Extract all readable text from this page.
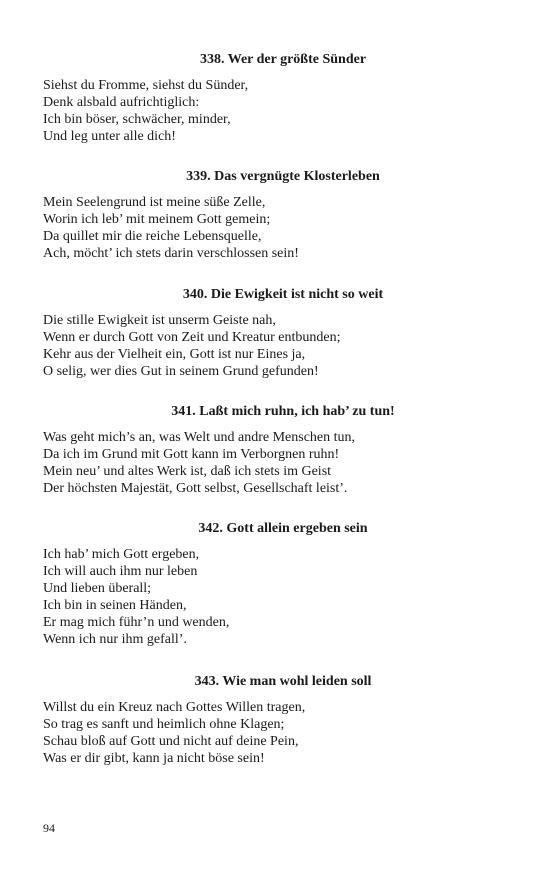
338. Wer der größte Sünder
Siehst du Fromme, siehst du Sünder,
Denk alsbald aufrichtiglich:
Ich bin böser, schwächer, minder,
Und leg unter alle dich!
339. Das vergnügte Klosterleben
Mein Seelengrund ist meine süße Zelle,
Worin ich leb’ mit meinem Gott gemein;
Da quillet mir die reiche Lebensquelle,
Ach, möcht’ ich stets darin verschlossen sein!
340. Die Ewigkeit ist nicht so weit
Die stille Ewigkeit ist unserm Geiste nah,
Wenn er durch Gott von Zeit und Kreatur entbunden;
Kehr aus der Vielheit ein, Gott ist nur Eines ja,
O selig, wer dies Gut in seinem Grund gefunden!
341. Laßt mich ruhn, ich hab’ zu tun!
Was geht mich’s an, was Welt und andre Menschen tun,
Da ich im Grund mit Gott kann im Verborgnen ruhn!
Mein neu’ und altes Werk ist, daß ich stets im Geist
Der höchsten Majestät, Gott selbst, Gesellschaft leist’.
342. Gott allein ergeben sein
Ich hab’ mich Gott ergeben,
Ich will auch ihm nur leben
Und lieben überall;
Ich bin in seinen Händen,
Er mag mich führ’n und wenden,
Wenn ich nur ihm gefall’.
343. Wie man wohl leiden soll
Willst du ein Kreuz nach Gottes Willen tragen,
So trag es sanft und heimlich ohne Klagen;
Schau bloß auf Gott und nicht auf deine Pein,
Was er dir gibt, kann ja nicht böse sein!
94
